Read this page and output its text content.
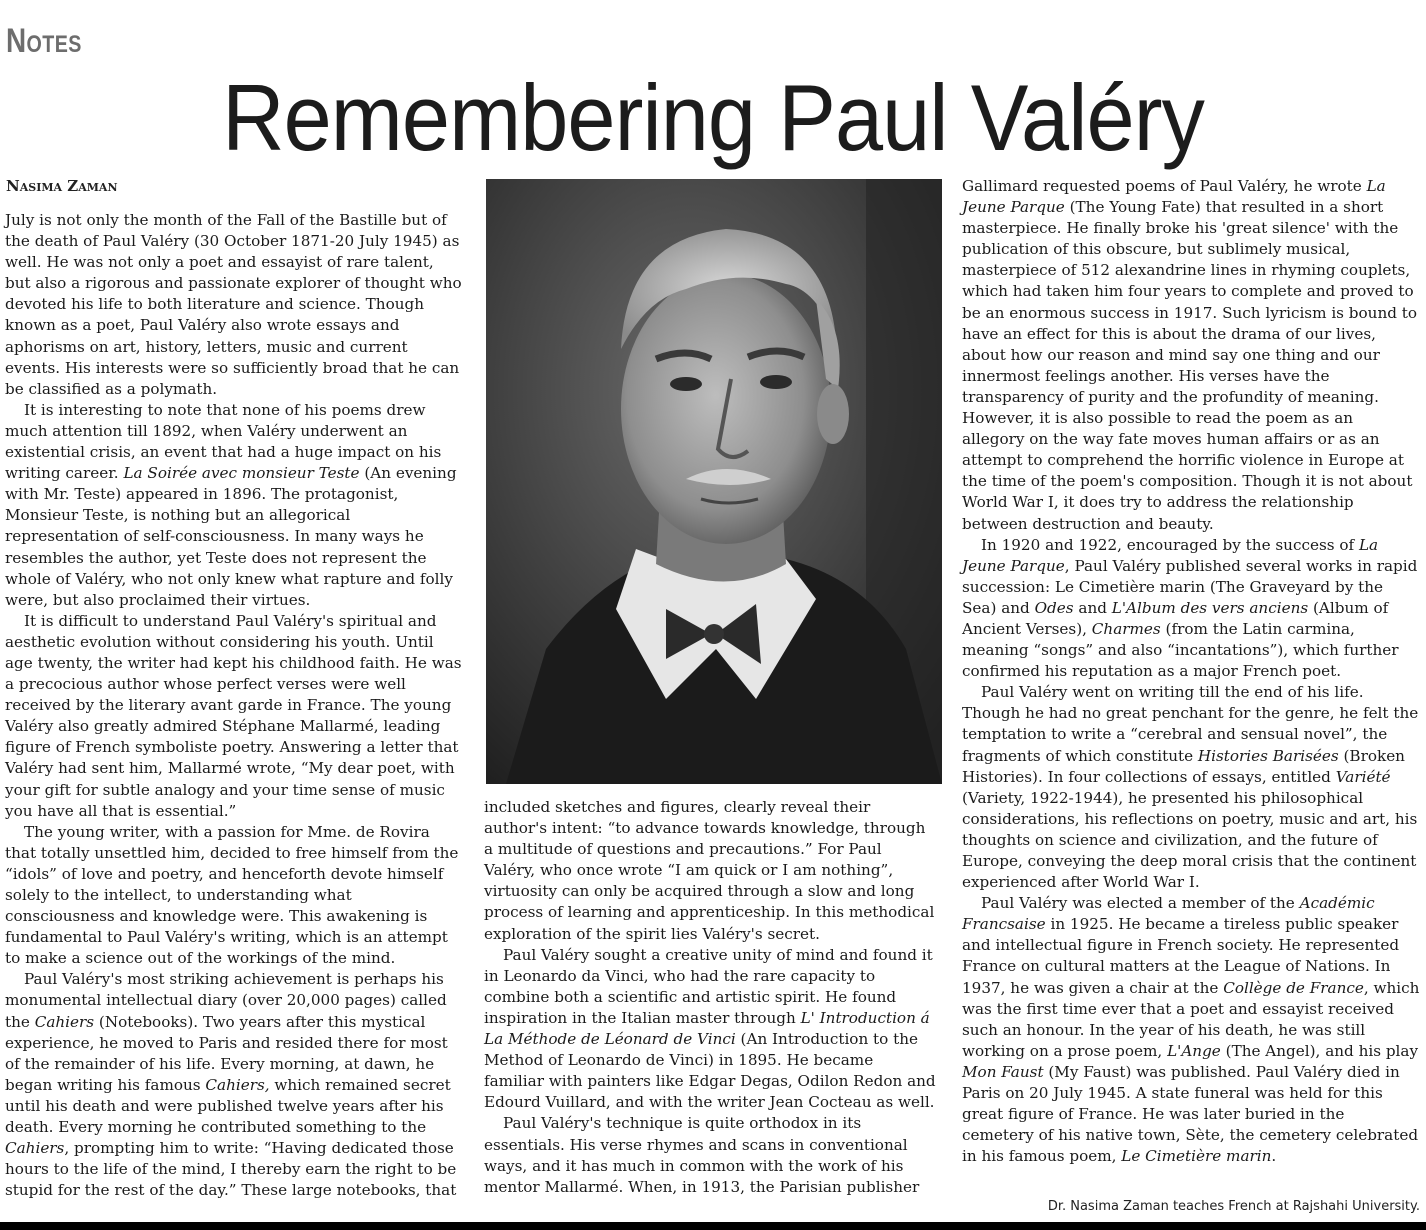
Notes
Remembering Paul Valéry
Nasima Zaman

July is not only the month of the Fall of the Bastille but of the death of Paul Valéry (30 October 1871-20 July 1945) as well. He was not only a poet and essayist of rare talent, but also a rigorous and passionate explorer of thought who devoted his life to both literature and science. Though known as a poet, Paul Valéry also wrote essays and aphorisms on art, history, letters, music and current events. His interests were so sufficiently broad that he can be classified as a polymath.

It is interesting to note that none of his poems drew much attention till 1892, when Valéry underwent an existential crisis, an event that had a huge impact on his writing career. La Soirée avec monsieur Teste (An evening with Mr. Teste) appeared in 1896. The protagonist, Monsieur Teste, is nothing but an allegorical representation of self-consciousness. In many ways he resembles the author, yet Teste does not represent the whole of Valéry, who not only knew what rapture and folly were, but also proclaimed their virtues.

It is difficult to understand Paul Valéry's spiritual and aesthetic evolution without considering his youth. Until age twenty, the writer had kept his childhood faith. He was a precocious author whose perfect verses were well received by the literary avant garde in France. The young Valéry also greatly admired Stéphane Mallarmé, leading figure of French symboliste poetry. Answering a letter that Valéry had sent him, Mallarmé wrote, “My dear poet, with your gift for subtle analogy and your time sense of music you have all that is essential.”

The young writer, with a passion for Mme. de Rovira that totally unsettled him, decided to free himself from the “idols” of love and poetry, and henceforth devote himself solely to the intellect, to understanding what consciousness and knowledge were. This awakening is fundamental to Paul Valéry's writing, which is an attempt to make a science out of the workings of the mind.

Paul Valéry's most striking achievement is perhaps his monumental intellectual diary (over 20,000 pages) called the Cahiers (Notebooks). Two years after this mystical experience, he moved to Paris and resided there for most of the remainder of his life. Every morning, at dawn, he began writing his famous Cahiers, which remained secret until his death and were published twelve years after his death. Every morning he contributed something to the Cahiers, prompting him to write: “Having dedicated those hours to the life of the mind, I thereby earn the right to be stupid for the rest of the day.” These large notebooks, that

included sketches and figures, clearly reveal their author's intent: “to advance towards knowledge, through a multitude of questions and precautions.” For Paul Valéry, who once wrote “I am quick or I am nothing”, virtuosity can only be acquired through a slow and long process of learning and apprenticeship. In this methodical exploration of the spirit lies Valéry's secret.

Paul Valéry sought a creative unity of mind and found it in Leonardo da Vinci, who had the rare capacity to combine both a scientific and artistic spirit. He found inspiration in the Italian master through L' Introduction á La Méthode de Léonard de Vinci (An Introduction to the Method of Leonardo de Vinci) in 1895. He became familiar with painters like Edgar Degas, Odilon Redon and Edourd Vuillard, and with the writer Jean Cocteau as well.

Paul Valéry's technique is quite orthodox in its essentials. His verse rhymes and scans in conventional ways, and it has much in common with the work of his mentor Mallarmé. When, in 1913, the Parisian publisher

Gallimard requested poems of Paul Valéry, he wrote La Jeune Parque (The Young Fate) that resulted in a short masterpiece. He finally broke his 'great silence' with the publication of this obscure, but sublimely musical, masterpiece of 512 alexandrine lines in rhyming couplets, which had taken him four years to complete and proved to be an enormous success in 1917. Such lyricism is bound to have an effect for this is about the drama of our lives, about how our reason and mind say one thing and our innermost feelings another. His verses have the transparency of purity and the profundity of meaning. However, it is also possible to read the poem as an allegory on the way fate moves human affairs or as an attempt to comprehend the horrific violence in Europe at the time of the poem's composition. Though it is not about World War I, it does try to address the relationship between destruction and beauty.

In 1920 and 1922, encouraged by the success of La Jeune Parque, Paul Valéry published several works in rapid succession: Le Cimetière marin (The Graveyard by the Sea) and Odes and L'Album des vers anciens (Album of Ancient Verses), Charmes (from the Latin carmina, meaning “songs” and also “incantations”), which further confirmed his reputation as a major French poet.

Paul Valéry went on writing till the end of his life. Though he had no great penchant for the genre, he felt the temptation to write a “cerebral and sensual novel”, the fragments of which constitute Histories Barisées (Broken Histories). In four collections of essays, entitled Variété (Variety, 1922-1944), he presented his philosophical considerations, his reflections on poetry, music and art, his thoughts on science and civilization, and the future of Europe, conveying the deep moral crisis that the continent experienced after World War I.

Paul Valéry was elected a member of the Académic Francsaise in 1925. He became a tireless public speaker and intellectual figure in French society. He represented France on cultural matters at the League of Nations. In 1937, he was given a chair at the Collège de France, which was the first time ever that a poet and essayist received such an honour. In the year of his death, he was still working on a prose poem, L'Ange (The Angel), and his play Mon Faust (My Faust) was published. Paul Valéry died in Paris on 20 July 1945. A state funeral was held for this great figure of France. He was later buried in the cemetery of his native town, Sète, the cemetery celebrated in his famous poem, Le Cimetière marin.

Dr. Nasima Zaman teaches French at Rajshahi University.
